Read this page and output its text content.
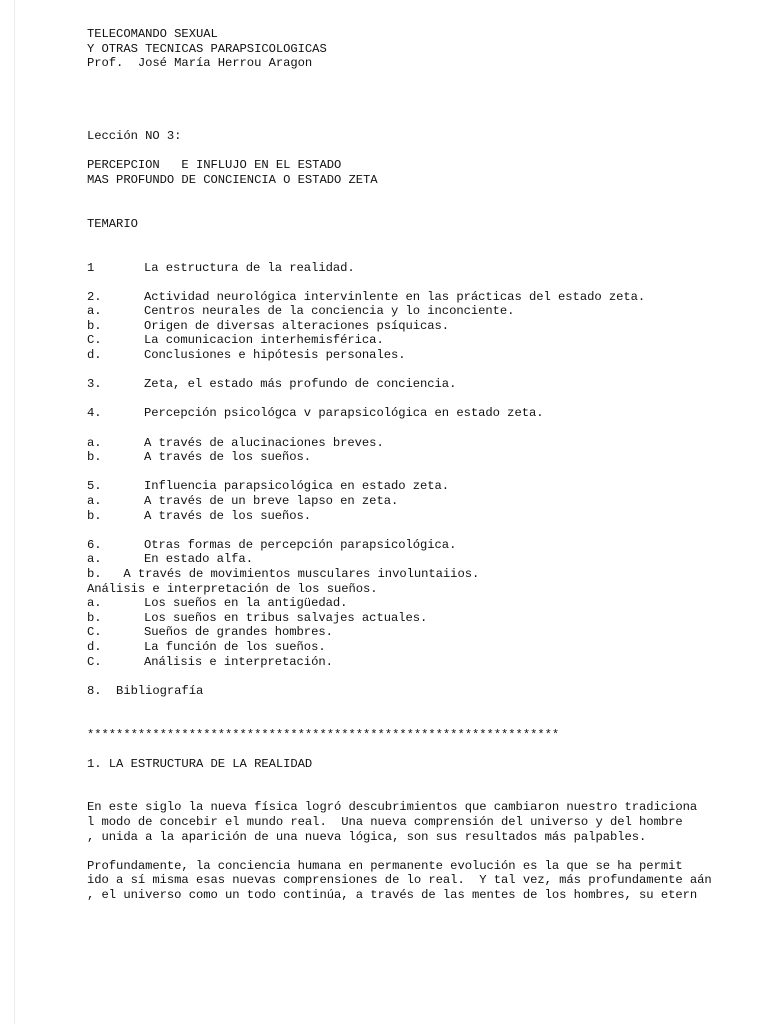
TELECOMANDO SEXUAL
Y OTRAS TECNICAS PARAPSICOLOGICAS
Prof.  José María Herrou Aragon
Lección NO 3:
PERCEPCION   E INFLUJO EN EL ESTADO
MAS PROFUNDO DE CONCIENCIA O ESTADO ZETA
TEMARIO
1	La estructura de la realidad.
2.	Actividad neurológica intervinlente en las prácticas del estado zeta.
a.	Centros neurales de la conciencia y lo inconciente.
b.	Origen de diversas alteraciones psíquicas.
C.	La comunicacion interhemisférica.
d.	Conclusiones e hipótesis personales.
3.	Zeta, el estado más profundo de conciencia.
4.	Percepción psicológca v parapsicológica en estado zeta.
a.	A través de alucinaciones breves.
b.	A través de los sueños.
5.	Influencia parapsicológica en estado zeta.
a.	A través de un breve lapso en zeta.
b.	A través de los sueños.
6.	Otras formas de percepción parapsicológica.
a.	En estado alfa.
b.   A través de movimientos musculares involuntaiios.
Análisis e interpretación de los sueños.
a.	Los sueños en la antigüedad.
b.	Los sueños en tribus salvajes actuales.
C.	Sueños de grandes hombres.
d.	La función de los sueños.
C.	Análisis e interpretación.
8.  Bibliografía
*****************************************************************
1. LA ESTRUCTURA DE LA REALIDAD
En este siglo la nueva física logró descubrimientos que cambiaron nuestro tradiciona
l modo de concebir el mundo real.  Una nueva comprensión del universo y del hombre
, unida a la aparición de una nueva lógica, son sus resultados más palpables.
Profundamente, la conciencia humana en permanente evolución es la que se ha permit
ido a sí misma esas nuevas comprensiones de lo real.  Y tal vez, más profundamente aán
, el universo como un todo continúa, a través de las mentes de los hombres, su etern
